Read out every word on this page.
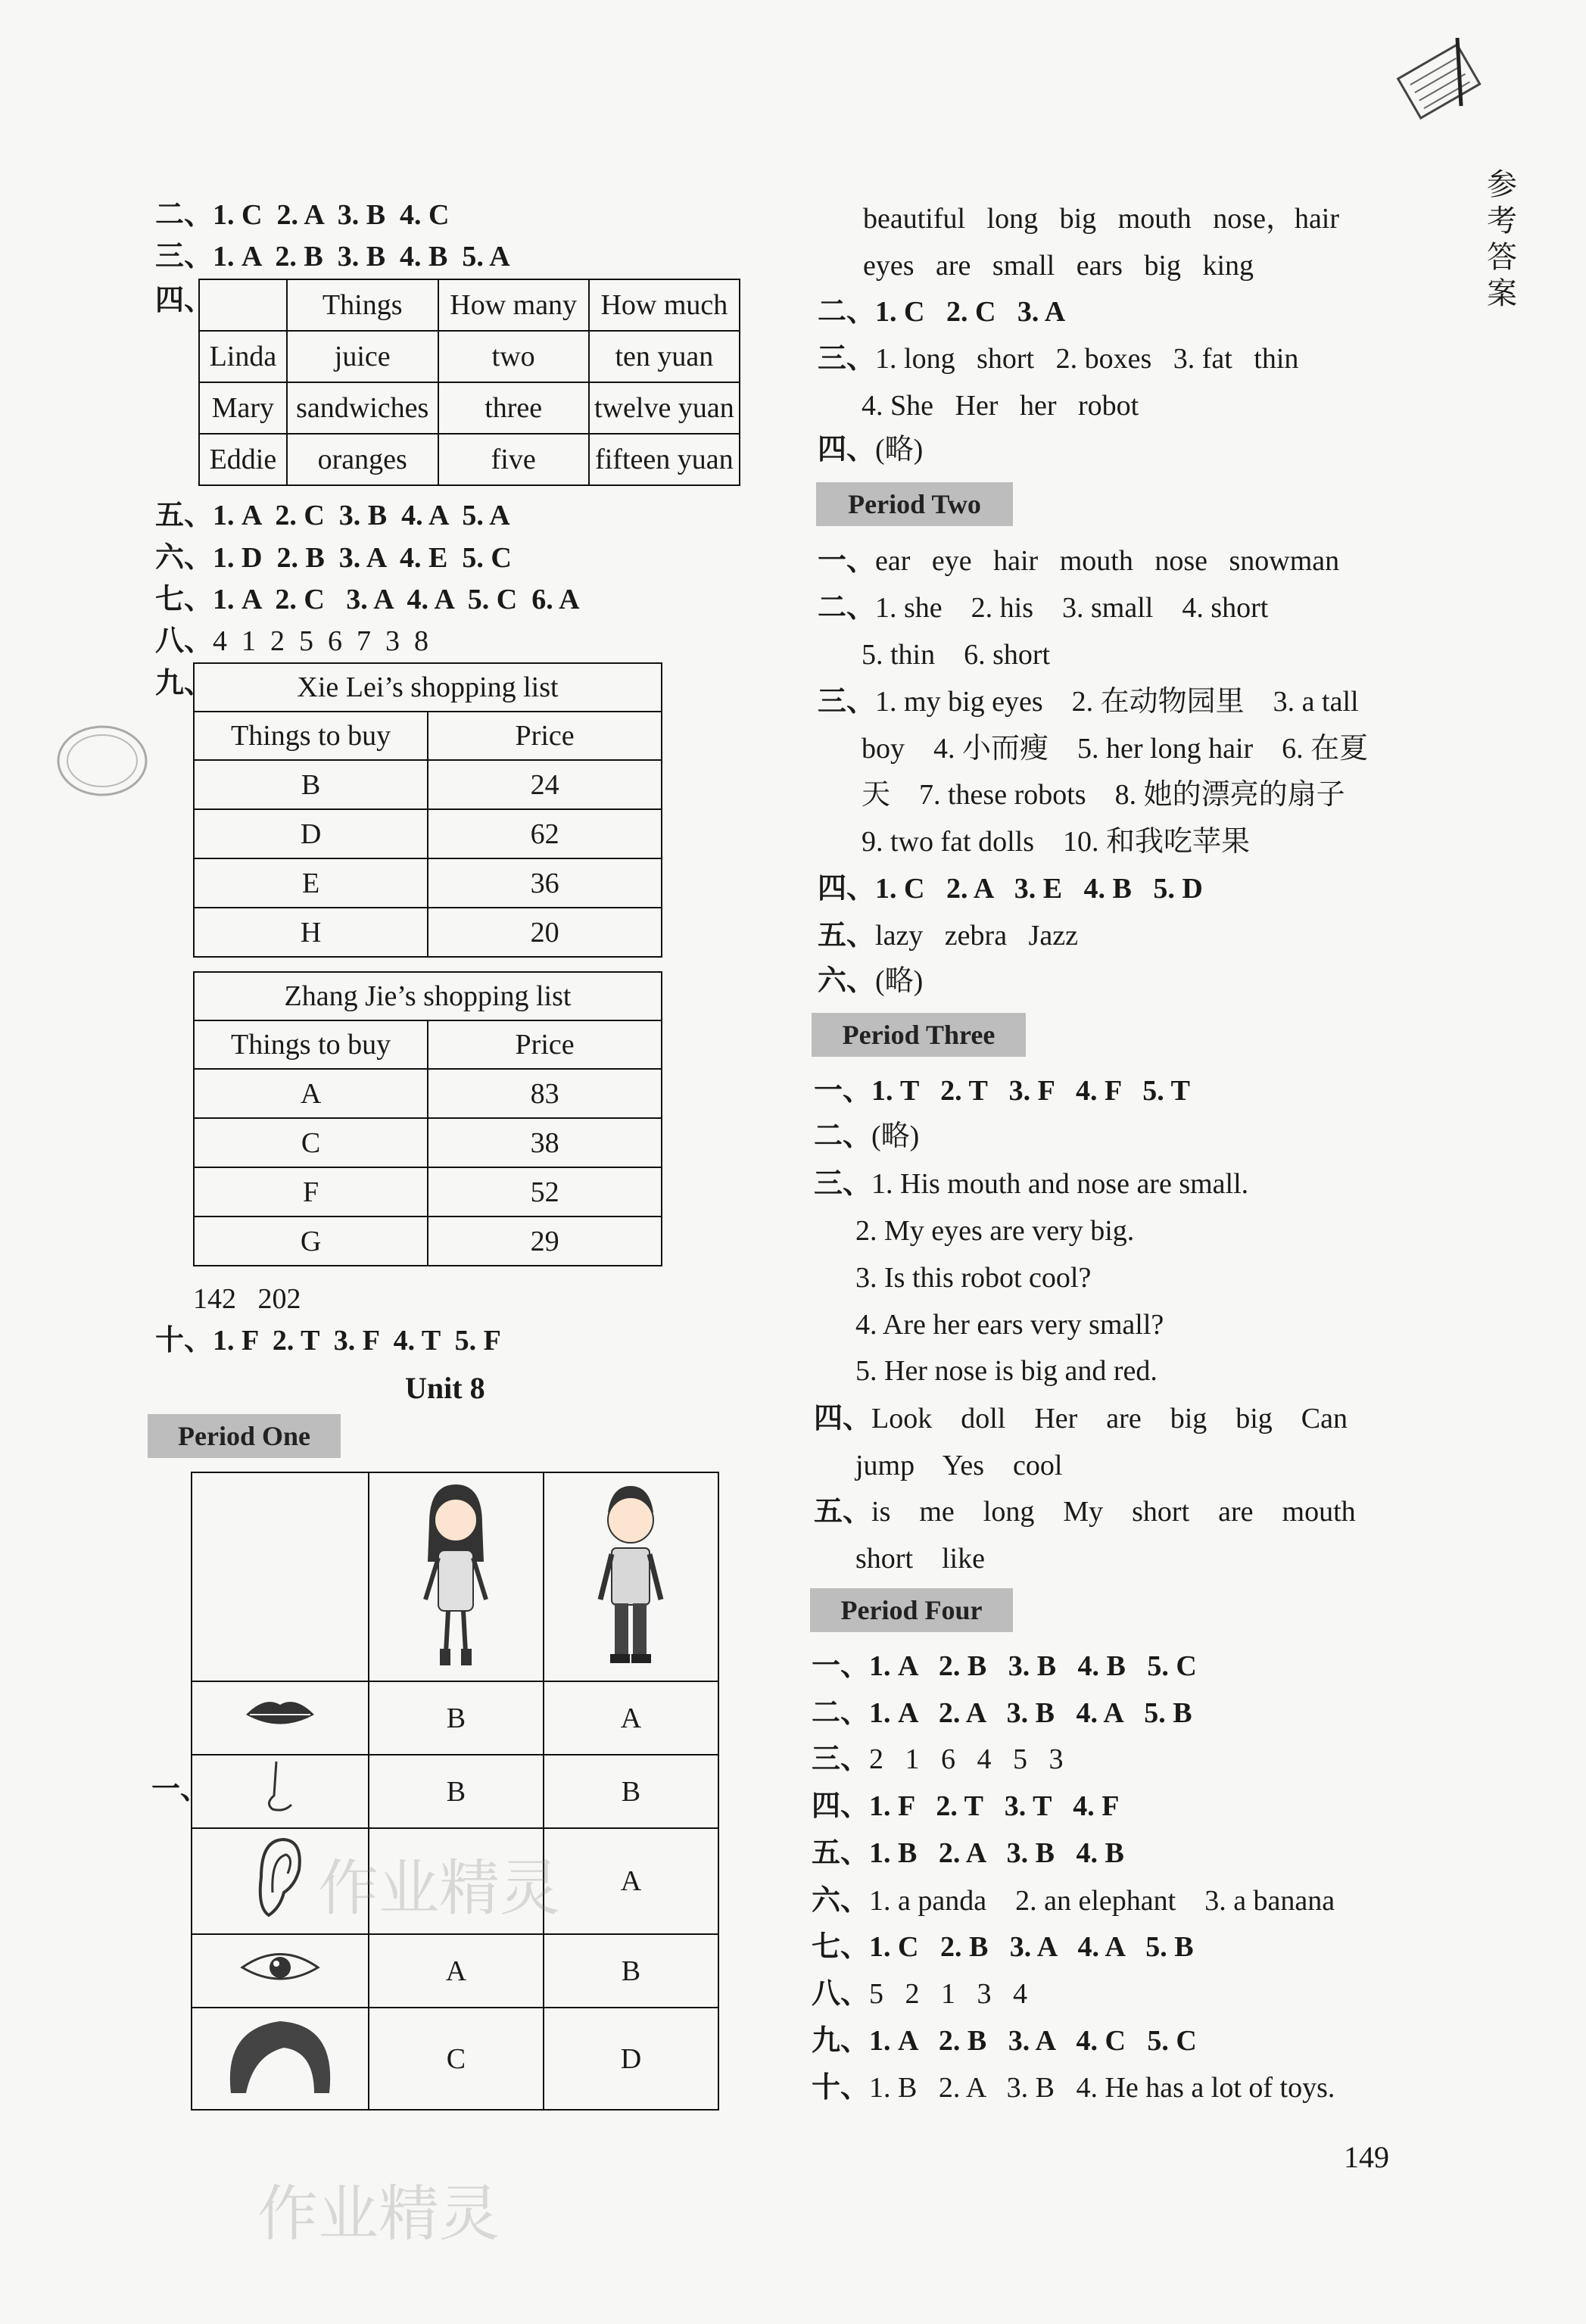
参考答案
二、1. C  2. A  3. B  4. C
三、1. A  2. B  3. B  4. B  5. A
四、
		Things	How many	How much
Linda	juice	two	ten yuan
Mary	sandwiches	three	twelve yuan
Eddie	oranges	five	fifteen yuan
五、1. A  2. C  3. B  4. A  5. A
六、1. D  2. B  3. A  4. E  5. C
七、1. A  2. C   3. A  4. A  5. C  6. A
八、4  1  2  5  6  7  3  8
九、	Xie Lei’s shopping list	
Things to buy	Price
B	24
D	62
E	36
H	20
Zhang Jie’s shopping list	
Things to buy	Price
A	83
C	38
F	52
G	29
142   202
十、1. F  2. T  3. F  4. T  5. F
Unit 8
Period One
一、

	B	A
	B	B
		A
	A	B
	C	D
beautiful   long   big   mouth   nose，hair
eyes   are   small   ears   big   king
二、1. C   2. C   3. A
三、1. long   short   2. boxes   3. fat   thin
4. She   Her   her   robot
四、(略)
Period Two
一、ear   eye   hair   mouth   nose   snowman
二、1. she    2. his    3. small    4. short
5. thin    6. short
三、1. my big eyes    2. 在动物园里    3. a tall
boy    4. 小而瘦    5. her long hair    6. 在夏
天    7. these robots    8. 她的漂亮的扇子
9. two fat dolls    10. 和我吃苹果
四、1. C   2. A   3. E   4. B   5. D
五、lazy   zebra   Jazz
六、(略)
Period Three
一、1. T   2. T   3. F   4. F   5. T
二、(略)
三、1. His mouth and nose are small.
2. My eyes are very big.
3. Is this robot cool?
4. Are her ears very small?
5. Her nose is big and red.
四、Look    doll    Her    are    big    big    Can
jump    Yes    cool
五、is    me    long    My    short    are    mouth
short    like
Period Four
一、1. A   2. B   3. B   4. B   5. C
二、1. A   2. A   3. B   4. A   5. B
三、2   1   6   4   5   3
四、1. F   2. T   3. T   4. F
五、1. B   2. A   3. B   4. B
六、1. a panda    2. an elephant    3. a banana
七、1. C   2. B   3. A   4. A   5. B
八、5   2   1   3   4
九、1. A   2. B   3. A   4. C   5. C
十、1. B   2. A   3. B   4. He has a lot of toys.
149
作业精灵
作业精灵
